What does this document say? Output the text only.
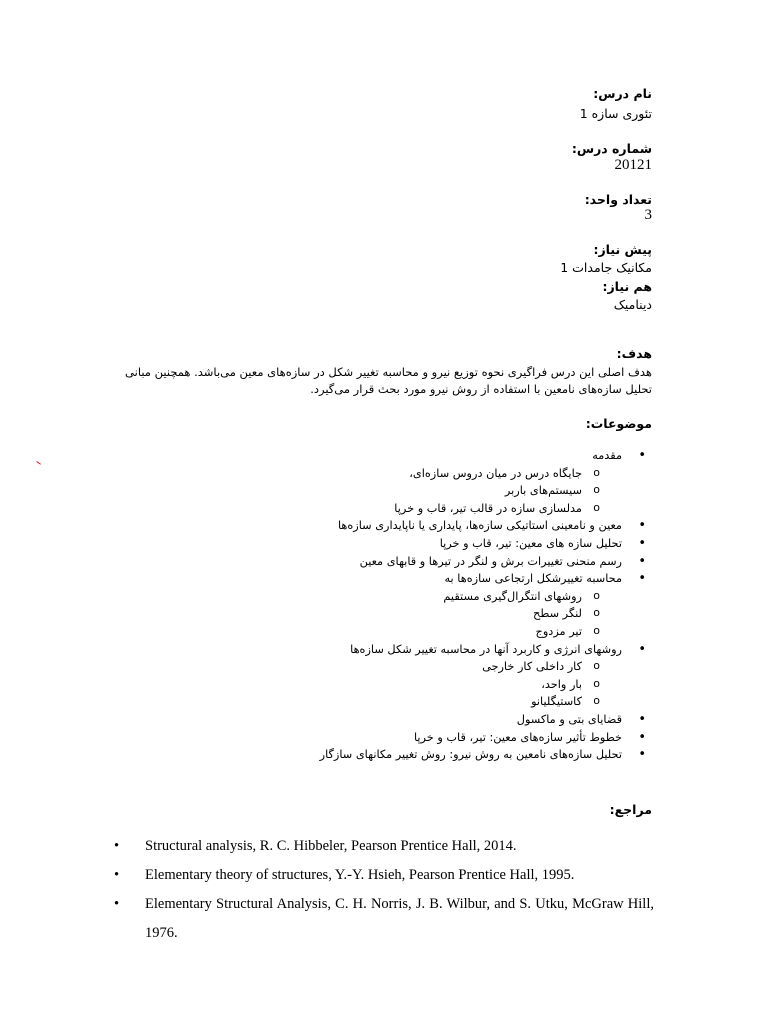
نام درس:
تئوری سازه 1
شماره درس:
20121
تعداد واحد:
3
پیش نیاز:
مکانیک جامدات 1
هم نیاز:
دینامیک
هدف:
هدف اصلی این درس فراگیری نحوه توزیع نیرو و محاسبه تغییر شکل در سازه‌های معین می‌باشد. همچنین مبانی
تحلیل سازه‌های نامعین با استفاده از روش نیرو مورد بحث قرار می‌گیرد.
موضوعات:
• مقدمه
o جایگاه درس در میان دروس سازه‌ای،
o سیستم‌های باربر
o مدلسازی سازه در قالب تیر، قاب و خرپا
• معین و نامعینی استاتیکی سازه‌ها، پایداری یا ناپایداری سازه‌ها
• تحلیل سازه های معین: تیر، قاب و خرپا
• رسم منحنی تغییرات برش و لنگر در تیرها و قابهای معین
• محاسبه تغییرشکل ارتجاعی سازه‌ها به
o روشهای انتگرال‌گیری مستقیم
o لنگر سطح
o تیر مزدوج
• روشهای انرژی و کاربرد آنها در محاسبه تغییر شکل سازه‌ها
o کار داخلی کار خارجی
o بار واحد،
o کاستیگلیانو
• قضایای بتی و ماکسول
• خطوط تأثیر سازه‌های معین: تیر، قاب و خرپا
• تحلیل سازه‌های نامعین به روش نیرو: روش تغییر مکانهای سازگار
مراجع:
• Structural analysis, R. C. Hibbeler, Pearson Prentice Hall, 2014.
• Elementary theory of structures, Y.-Y. Hsieh, Pearson Prentice Hall, 1995.
• Elementary Structural Analysis, C. H. Norris, J. B. Wilbur, and S. Utku, McGraw Hill, 1976.
